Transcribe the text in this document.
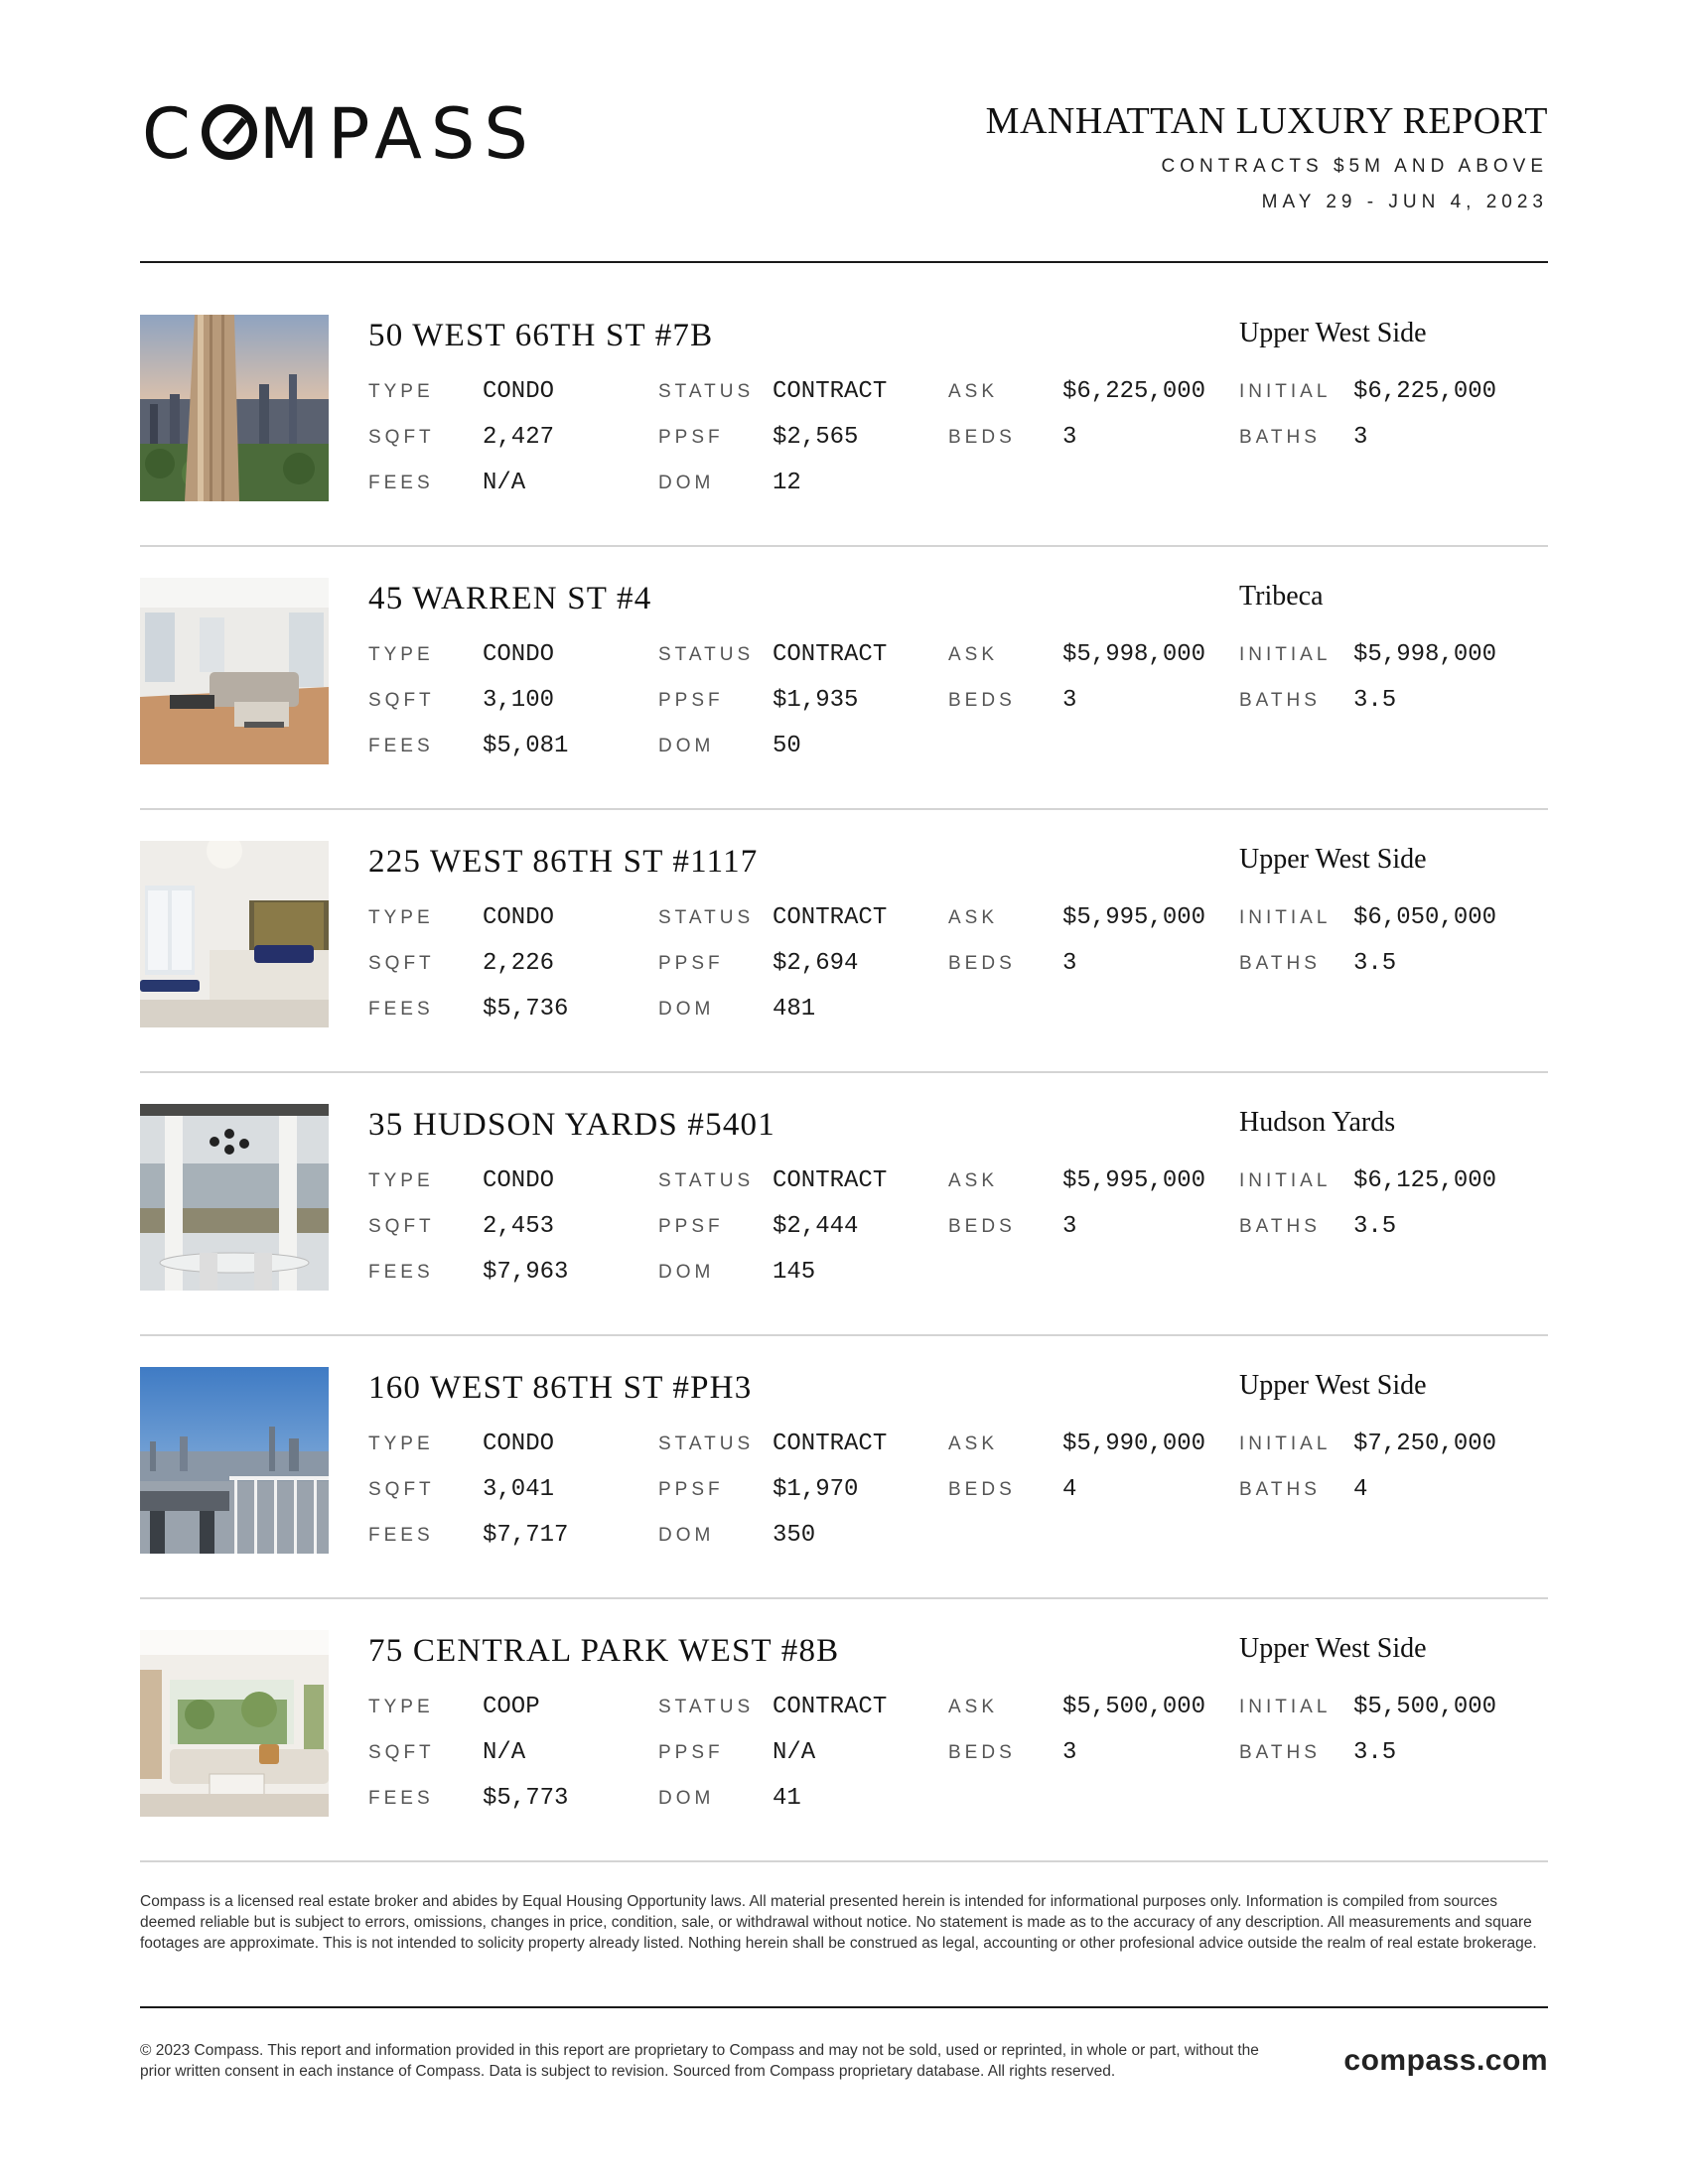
C MPASS	MANHATTAN LUXURY REPORT
CONTRACTS $5M AND ABOVE
MAY 29 - JUN 4, 2023
50 WEST 66TH ST #7B	Upper West Side
TYPE CONDO	STATUS CONTRACT	ASK	$6,225,000 INITIAL $6,225,000
SQFT 2,427	PPSF $2,565	BEDS 3	BATHS 3
FEES N/A	DOM 12
45 WARREN ST #4	Tribeca
TYPE CONDO	STATUS CONTRACT	ASK	$5,998,000 INITIAL $5,998,000
SQFT 3,100	PPSF $1,935	BEDS 3	BATHS 3.5
FEES $5,081	DOM 50
225 WEST 86TH ST #1117	Upper West Side
TYPE CONDO	STATUS CONTRACT	ASK	$5,995,000 INITIAL $6,050,000
SQFT 2,226	PPSF $2,694	BEDS 3	BATHS 3.5
FEES $5,736	DOM 481
35 HUDSON YARDS #5401	Hudson Yards
TYPE CONDO	STATUS CONTRACT	ASK	$5,995,000 INITIAL $6,125,000
SQFT 2,453	PPSF $2,444	BEDS 3	BATHS 3.5
FEES $7,963	DOM 145
160 WEST 86TH ST #PH3	Upper West Side
TYPE CONDO	STATUS CONTRACT	ASK	$5,990,000 INITIAL $7,250,000
SQFT 3,041	PPSF $1,970	BEDS 4	BATHS 4
FEES $7,717	DOM 350
75 CENTRAL PARK WEST #8B	Upper West Side
TYPE COOP	STATUS CONTRACT	ASK	$5,500,000 INITIAL $5,500,000
SQFT N/A	PPSF N/A	BEDS 3	BATHS 3.5
FEES $5,773	DOM 41
Compass is a licensed real estate broker and abides by Equal Housing Opportunity laws. All material presented herein is intended for informational purposes only. Information is compiled from sources deemed reliable but is subject to errors, omissions, changes in price, condition, sale, or withdrawal without notice. No statement is made as to the accuracy of any description. All measurements and square footages are approximate. This is not intended to solicity property already listed. Nothing herein shall be construed as legal, accounting or other profesional advice outside the realm of real estate brokerage.
© 2023 Compass. This report and information provided in this report are proprietary to Compass and may not be sold, used or reprinted, in whole or part, without the prior written consent in each instance of Compass. Data is subject to revision. Sourced from Compass proprietary database. All rights reserved.	compass.com
